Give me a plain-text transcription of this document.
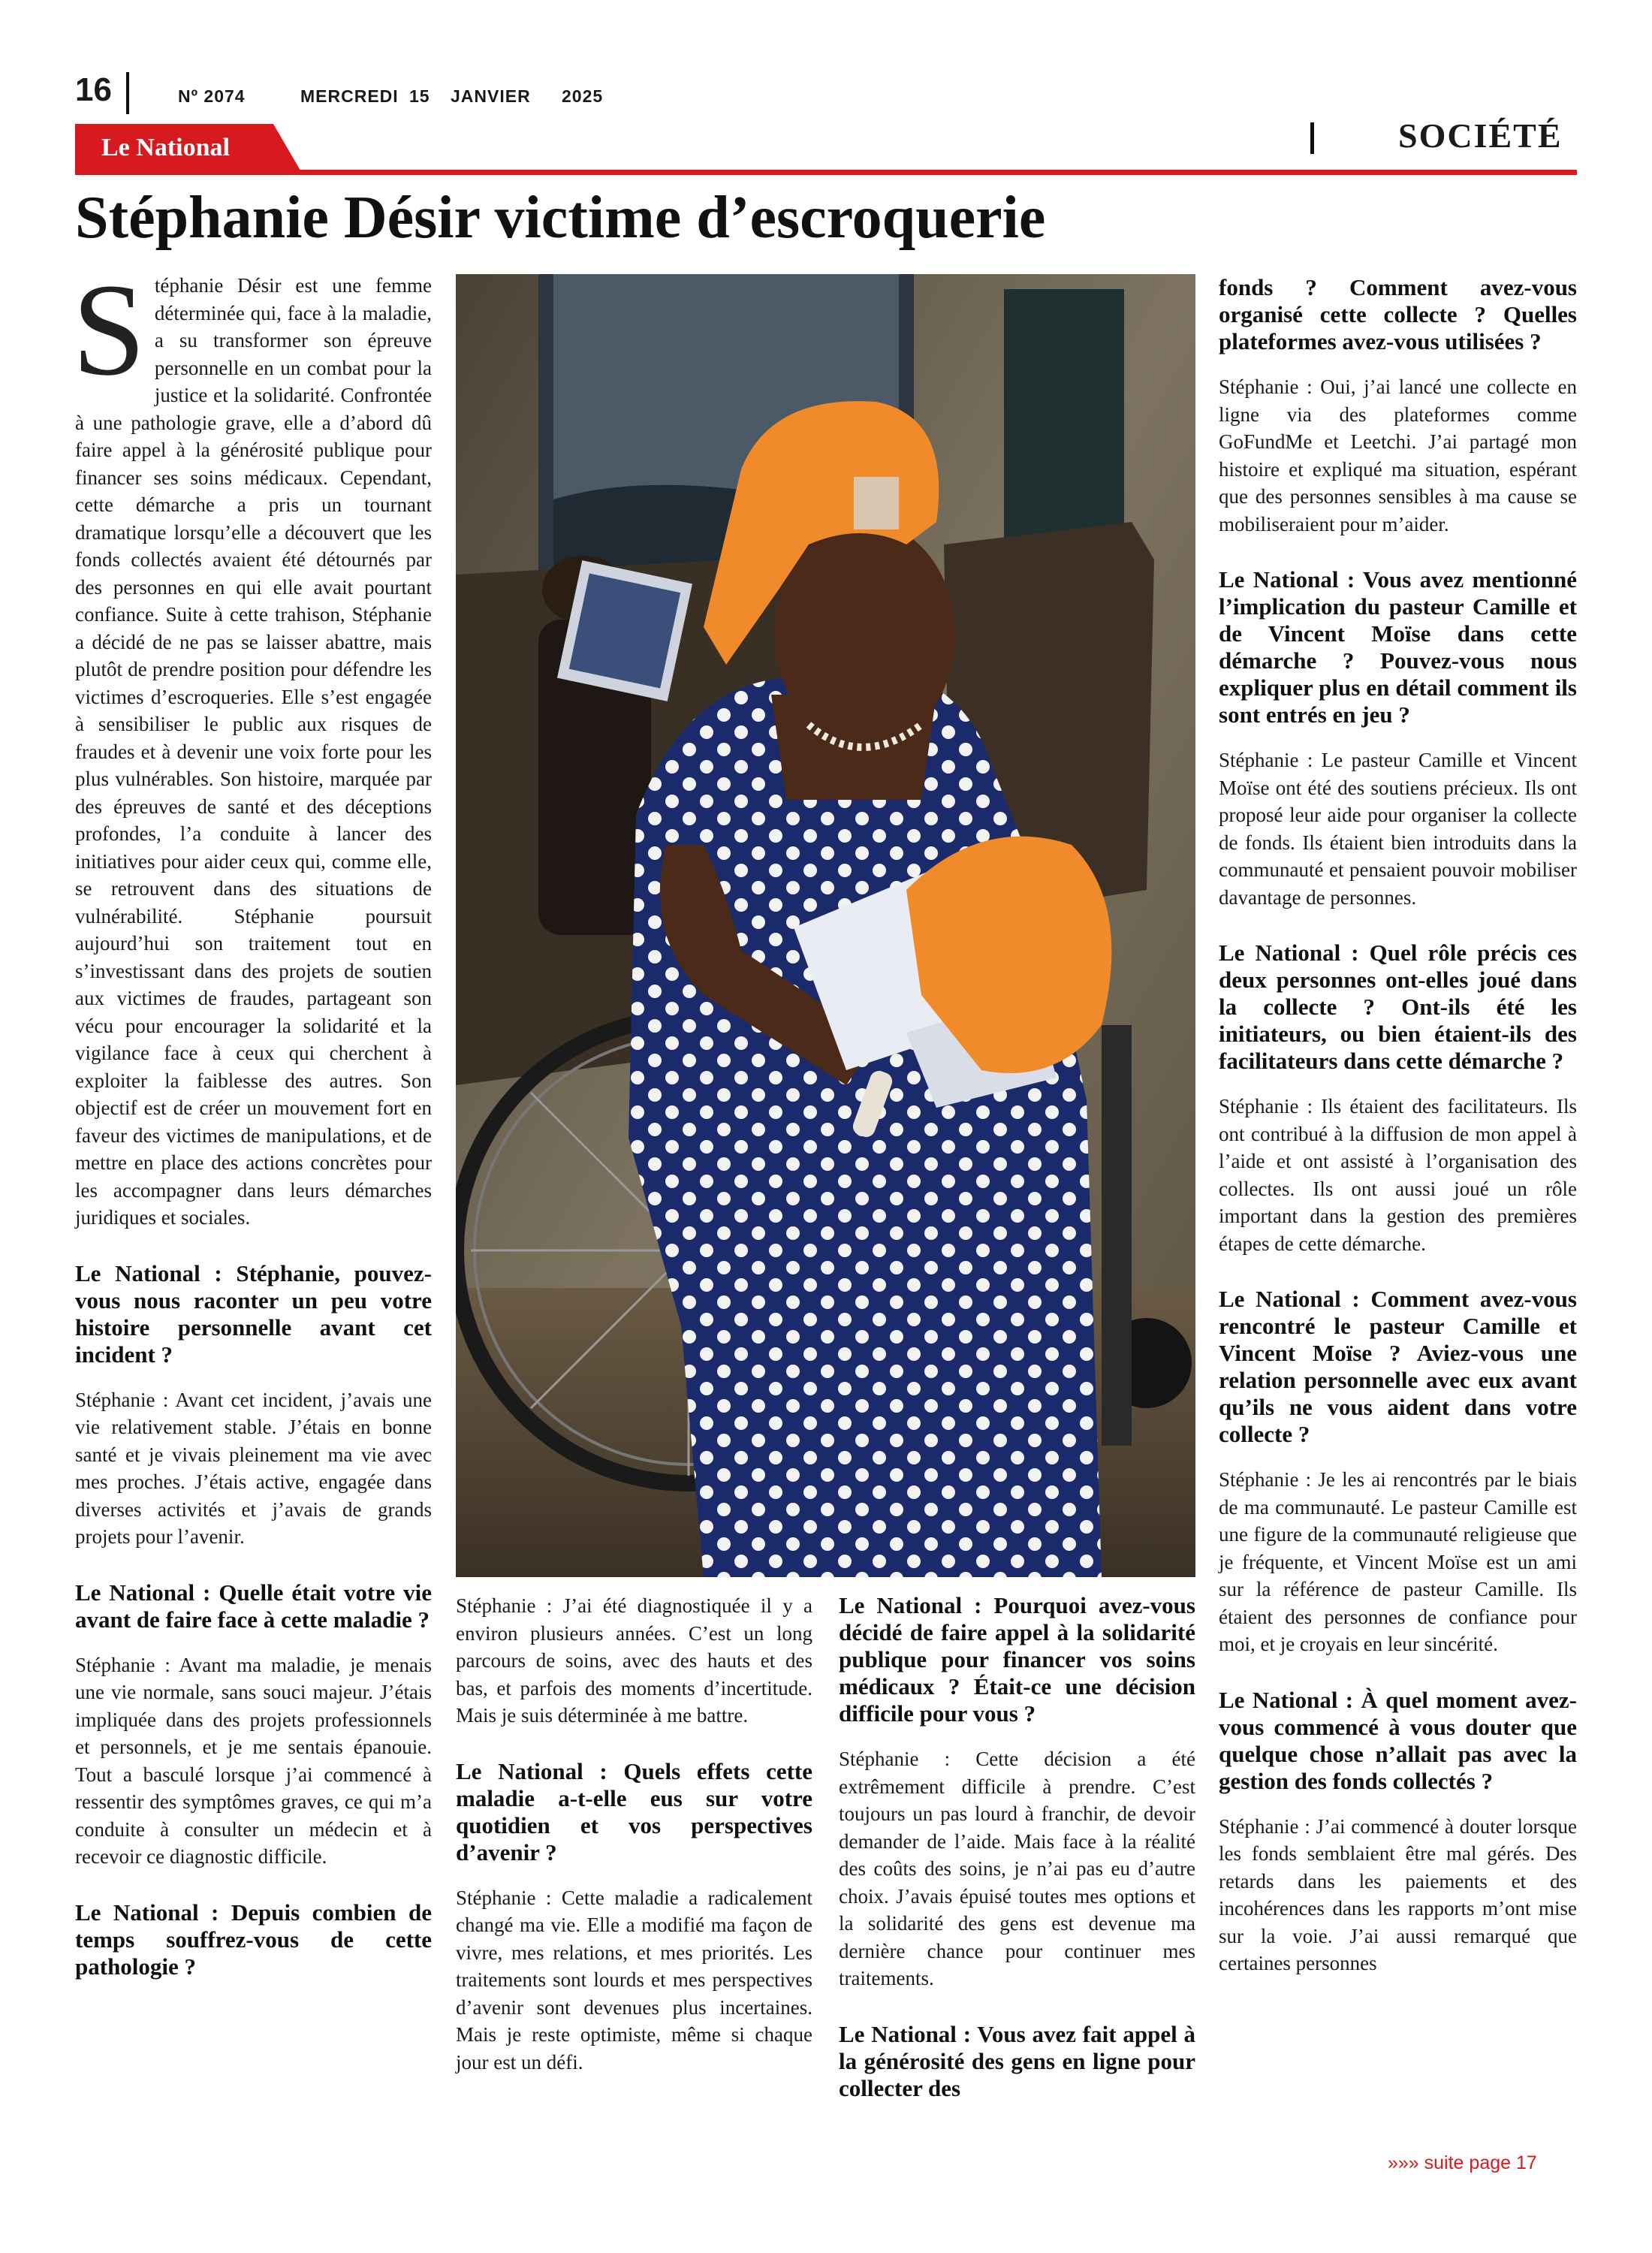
16	Nº 2074	MERCREDI 15 JANVIER 2025
Le National	SOCIÉTÉ
Stéphanie Désir victime d’escroquerie
S téphanie Désir est une femme déterminée qui, face à la maladie, a su transformer son épreuve personnelle en un combat pour la justice et la solidarité. Confrontée à une pathologie grave, elle a d’abord dû faire appel à la générosité publique pour financer ses soins médicaux. Cependant, cette démarche a pris un tournant dramatique lorsqu’elle a découvert que les fonds collectés avaient été détournés par des personnes en qui elle avait pourtant confiance. Suite à cette trahison, Stéphanie a décidé de ne pas se laisser abattre, mais plutôt de prendre position pour défendre les victimes d’escroqueries. Elle s’est engagée à sensibiliser le public aux risques de fraudes et à devenir une voix forte pour les plus vulnérables. Son histoire, marquée par des épreuves de santé et des déceptions profondes, l’a conduite à lancer des initiatives pour aider ceux qui, comme elle, se retrouvent dans des situations de vulnérabilité. Stéphanie poursuit aujourd’hui son traitement tout en s’investissant dans des projets de soutien aux victimes de fraudes, partageant son vécu pour encourager la solidarité et la vigilance face à ceux qui cherchent à exploiter la faiblesse des autres. Son objectif est de créer un mouvement fort en faveur des victimes de manipulations, et de mettre en place des actions concrètes pour les accompagner dans leurs démarches juridiques et sociales.

Le National : Stéphanie, pouvez-vous nous raconter un peu votre histoire personnelle avant cet incident ?

Stéphanie : Avant cet incident, j’avais une vie relativement stable. J’étais en bonne santé et je vivais pleinement ma vie avec mes proches. J’étais active, engagée dans diverses activités et j’avais de grands projets pour l’avenir.

Le National : Quelle était votre vie avant de faire face à cette maladie ?

Stéphanie : Avant ma maladie, je menais une vie normale, sans souci majeur. J’étais impliquée dans des projets professionnels et personnels, et je me sentais épanouie. Tout a basculé lorsque j’ai commencé à ressentir des symptômes graves, ce qui m’a conduite à consulter un médecin et à recevoir ce diagnostic difficile.

Le National : Depuis combien de temps souffrez-vous de cette pathologie ?

Stéphanie : J’ai été diagnostiquée il y a environ plusieurs années. C’est un long parcours de soins, avec des hauts et des bas, et parfois des moments d’incertitude. Mais je suis déterminée à me battre.

Le National : Quels effets cette maladie a-t-elle eus sur votre quotidien et vos perspectives d’avenir ?

Stéphanie : Cette maladie a radicalement changé ma vie. Elle a modifié ma façon de vivre, mes relations, et mes priorités. Les traitements sont lourds et mes perspectives d’avenir sont devenues plus incertaines. Mais je reste optimiste, même si chaque jour est un défi.

Le National : Pourquoi avez-vous décidé de faire appel à la solidarité publique pour financer vos soins médicaux ? Était-ce une décision difficile pour vous ?

Stéphanie : Cette décision a été extrêmement difficile à prendre. C’est toujours un pas lourd à franchir, de devoir demander de l’aide. Mais face à la réalité des coûts des soins, je n’ai pas eu d’autre choix. J’avais épuisé toutes mes options et la solidarité des gens est devenue ma dernière chance pour continuer mes traitements.

Le National : Vous avez fait appel à la générosité des gens en ligne pour collecter des

fonds ? Comment avez-vous organisé cette collecte ? Quelles plateformes avez-vous utilisées ?

Stéphanie : Oui, j’ai lancé une collecte en ligne via des plateformes comme GoFundMe et Leetchi. J’ai partagé mon histoire et expliqué ma situation, espérant que des personnes sensibles à ma cause se mobiliseraient pour m’aider.

Le National : Vous avez mentionné l’implication du pasteur Camille et de Vincent Moïse dans cette démarche ? Pouvez-vous nous expliquer plus en détail comment ils sont entrés en jeu ?

Stéphanie : Le pasteur Camille et Vincent Moïse ont été des soutiens précieux. Ils ont proposé leur aide pour organiser la collecte de fonds. Ils étaient bien introduits dans la communauté et pensaient pouvoir mobiliser davantage de personnes.

Le National : Quel rôle précis ces deux personnes ont-elles joué dans la collecte ? Ont-ils été les initiateurs, ou bien étaient-ils des facilitateurs dans cette démarche ?

Stéphanie : Ils étaient des facilitateurs. Ils ont contribué à la diffusion de mon appel à l’aide et ont assisté à l’organisation des collectes. Ils ont aussi joué un rôle important dans la gestion des premières étapes de cette démarche.

Le National : Comment avez-vous rencontré le pasteur Camille et Vincent Moïse ? Aviez-vous une relation personnelle avec eux avant qu’ils ne vous aident dans votre collecte ?

Stéphanie : Je les ai rencontrés par le biais de ma communauté. Le pasteur Camille est une figure de la communauté religieuse que je fréquente, et Vincent Moïse est un ami sur la référence de pasteur Camille. Ils étaient des personnes de confiance pour moi, et je croyais en leur sincérité.

Le National : À quel moment avez-vous commencé à vous douter que quelque chose n’allait pas avec la gestion des fonds collectés ?

Stéphanie : J’ai commencé à douter lorsque les fonds semblaient être mal gérés. Des retards dans les paiements et des incohérences dans les rapports m’ont mise sur la voie. J’ai aussi remarqué que certaines personnes

»»» suite page 17
